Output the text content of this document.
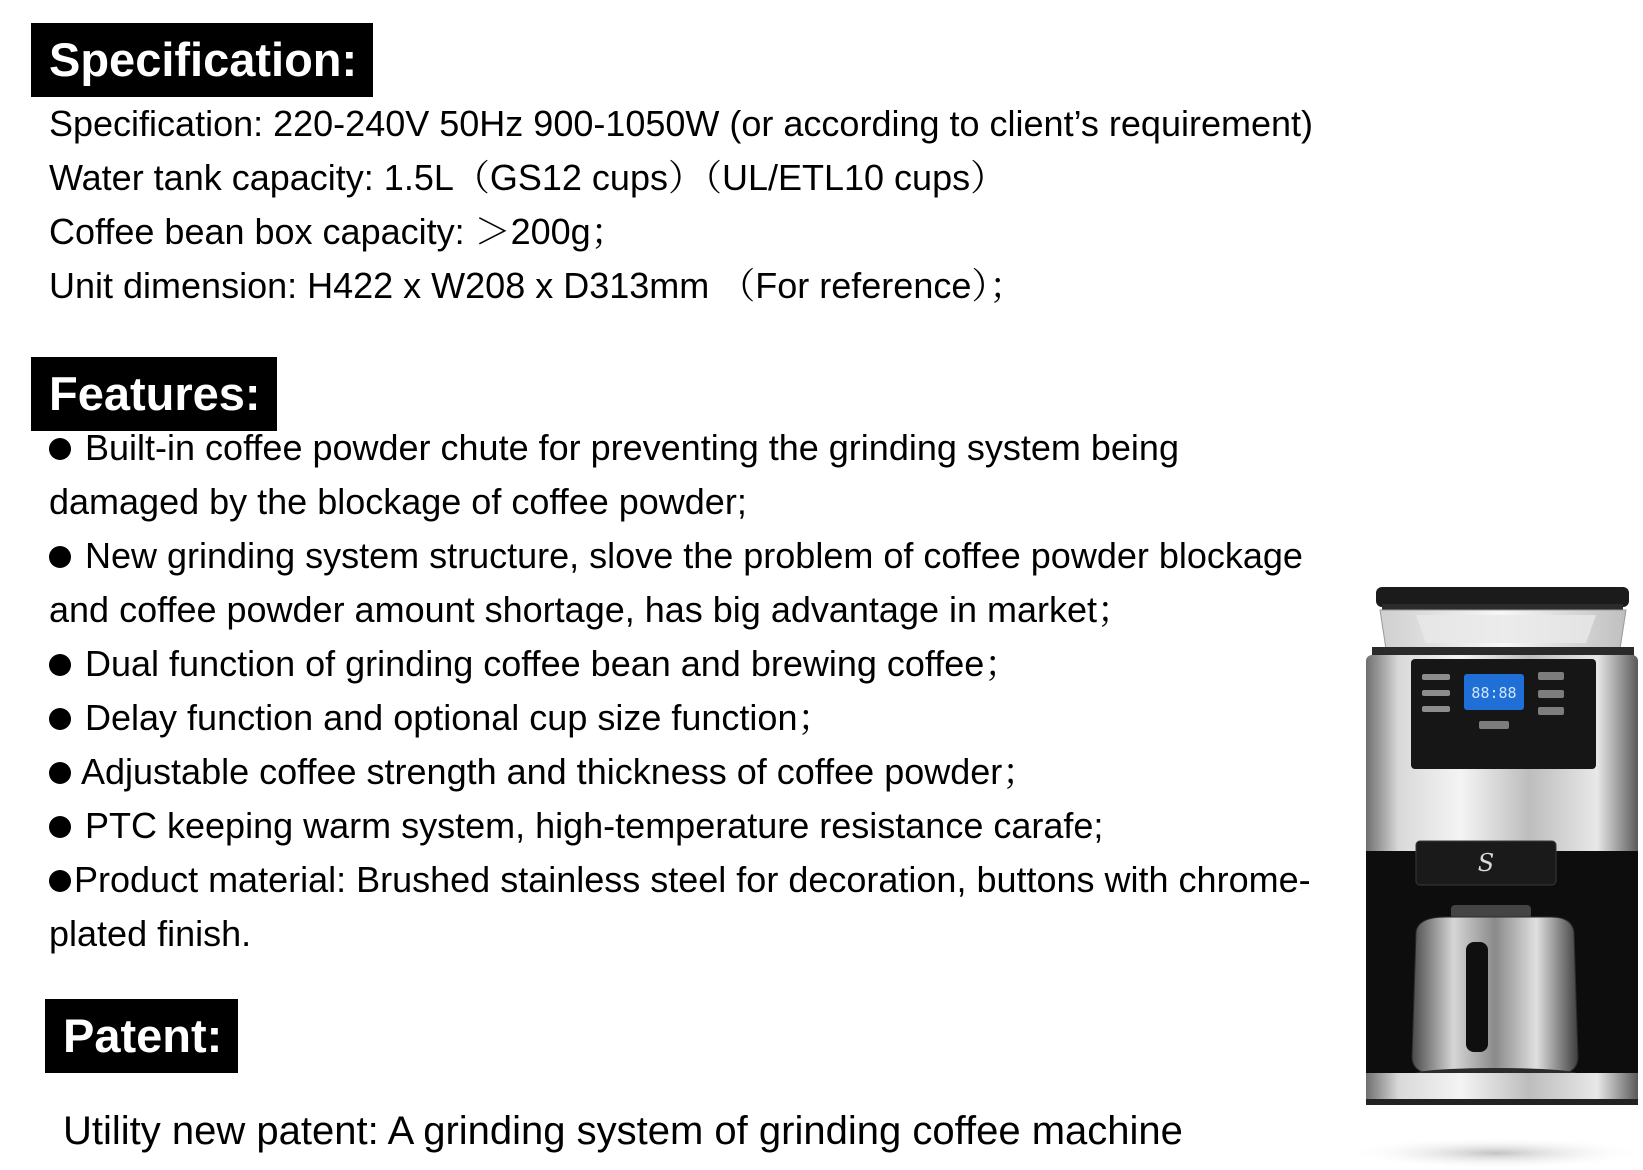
Specification:
Specification: 220-240V 50Hz 900-1050W (or according to client’s requirement)
Water tank capacity: 1.5L（GS12 cups）（UL/ETL10 cups）
Coffee bean box capacity: ＞200g；
Unit dimension: H422 x W208 x D313mm （For reference）；
Features:
Built-in coffee powder chute for preventing the grinding system being
damaged by the blockage of coffee powder;
New grinding system structure, slove the problem of coffee powder blockage
and coffee powder amount shortage, has big advantage in market；
Dual function of grinding coffee bean and brewing coffee；
Delay function and optional cup size function；
Adjustable coffee strength and thickness of coffee powder；
PTC keeping warm system, high-temperature resistance carafe;
Product material: Brushed stainless steel for decoration, buttons with chrome-
plated finish.
Patent:
Utility new patent: A grinding system of grinding coffee machine
88:88
S
